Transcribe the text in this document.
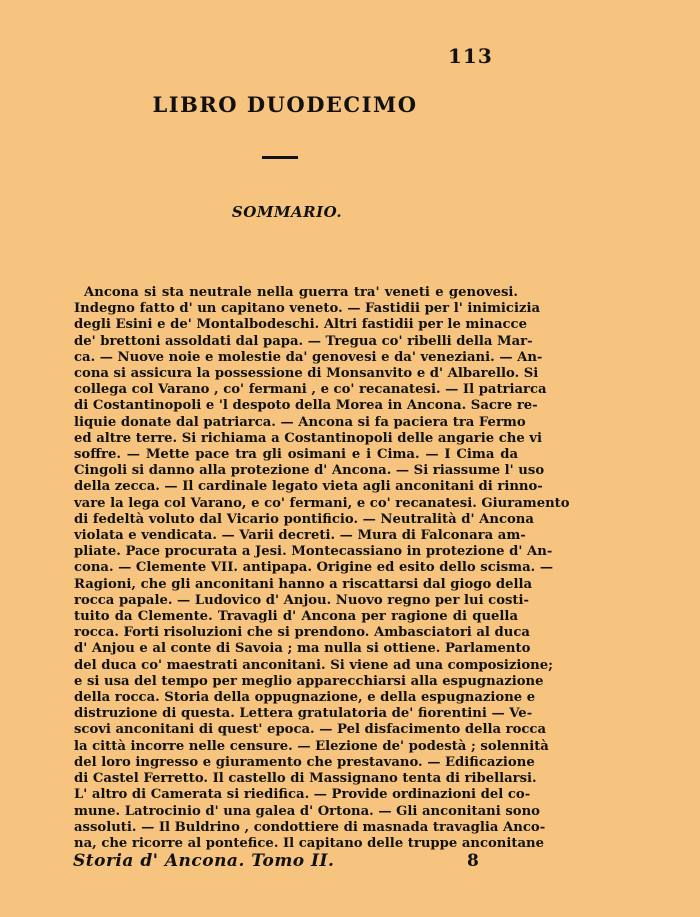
113
LIBRO DUODECIMO
SOMMARIO.
Ancona si sta neutrale nella guerra tra' veneti e genovesi.
Indegno fatto d' un capitano veneto. — Fastidii per l' inimicizia
degli Esini e de' Montalbodeschi. Altri fastidii per le minacce
de' brettoni assoldati dal papa. — Tregua co' ribelli della Mar-
ca. — Nuove noie e molestie da' genovesi e da' veneziani. — An-
cona si assicura la possessione di Monsanvito e d' Albarello. Si
collega col Varano , co' fermani , e co' recanatesi. — Il patriarca
di Costantinopoli e 'l despoto della Morea in Ancona. Sacre re-
liquie donate dal patriarca. — Ancona si fa paciera tra Fermo
ed altre terre. Si richiama a Costantinopoli delle angarie che vi
soffre. — Mette pace tra gli osimani e i Cima. — I Cima da
Cingoli si danno alla protezione d' Ancona. — Si riassume l' uso
della zecca. — Il cardinale legato vieta agli anconitani di rinno-
vare la lega col Varano, e co' fermani, e co' recanatesi. Giuramento
di fedeltà voluto dal Vicario pontificio. — Neutralità d' Ancona
violata e vendicata. — Varii decreti. — Mura di Falconara am-
pliate. Pace procurata a Jesi. Montecassiano in protezione d' An-
cona. — Clemente VII. antipapa. Origine ed esito dello scisma. —
Ragioni, che gli anconitani hanno a riscattarsi dal giogo della
rocca papale. — Ludovico d' Anjou. Nuovo regno per lui costi-
tuito da Clemente. Travagli d' Ancona per ragione di quella
rocca. Forti risoluzioni che si prendono. Ambasciatori al duca
d' Anjou e al conte di Savoia ; ma nulla si ottiene. Parlamento
del duca co' maestrati anconitani. Si viene ad una composizione;
e si usa del tempo per meglio apparecchiarsi alla espugnazione
della rocca. Storia della oppugnazione, e della espugnazione e
distruzione di questa. Lettera gratulatoria de' fiorentini — Ve-
scovi anconitani di quest' epoca. — Pel disfacimento della rocca
la città incorre nelle censure. — Elezione de' podestà ; solennità
del loro ingresso e giuramento che prestavano. — Edificazione
di Castel Ferretto. Il castello di Massignano tenta di ribellarsi.
L' altro di Camerata si riedifica. — Provide ordinazioni del co-
mune. Latrocinio d' una galea d' Ortona. — Gli anconitani sono
assoluti. — Il Buldrino , condottiere di masnada travaglia Anco-
na, che ricorre al pontefice. Il capitano delle truppe anconitane
Storia d' Ancona. Tomo II.	8
